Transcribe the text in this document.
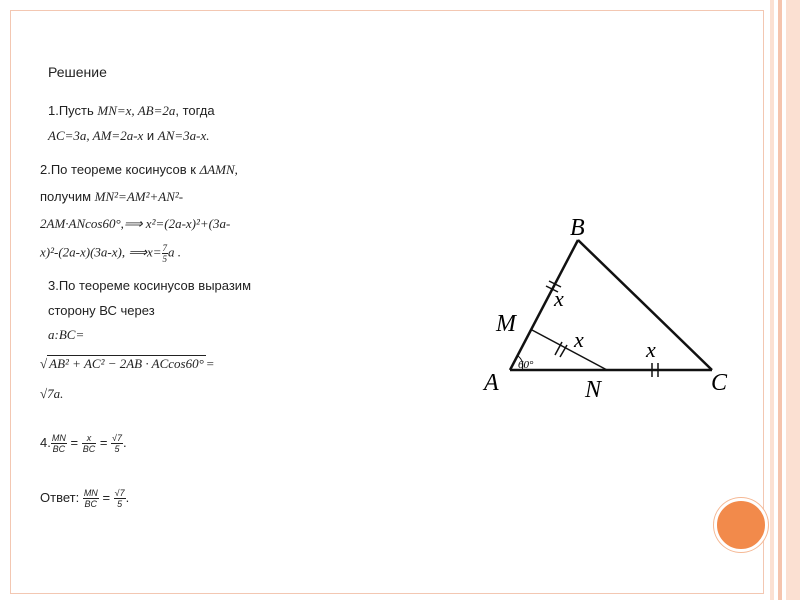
Решение
1.Пусть MN=x, AB=2a, тогда
AC=3a, AM=2a-x и AN=3a-x.
2.По теореме косинусов к ΔAMN,
получим MN²=AM²+AN²-
2AM·ANcos60°,⟹ x²=(2a-x)²+(3a-
x)²-(2a-x)(3a-x), ⟹x= $\frac{7}{5}$ a .
3.По теореме косинусов выразим
сторону ВС через
a:BC=
√ AB² + AC² − 2AB · ACcos60° =
√7a.
4. $\frac{MN}{BC} = \frac{x}{BC} = \frac{√7}{5}$ .
Ответ: $\frac{MN}{BC} = \frac{√7}{5}$ .
60°
A
B
C
M
N
x
x	x
